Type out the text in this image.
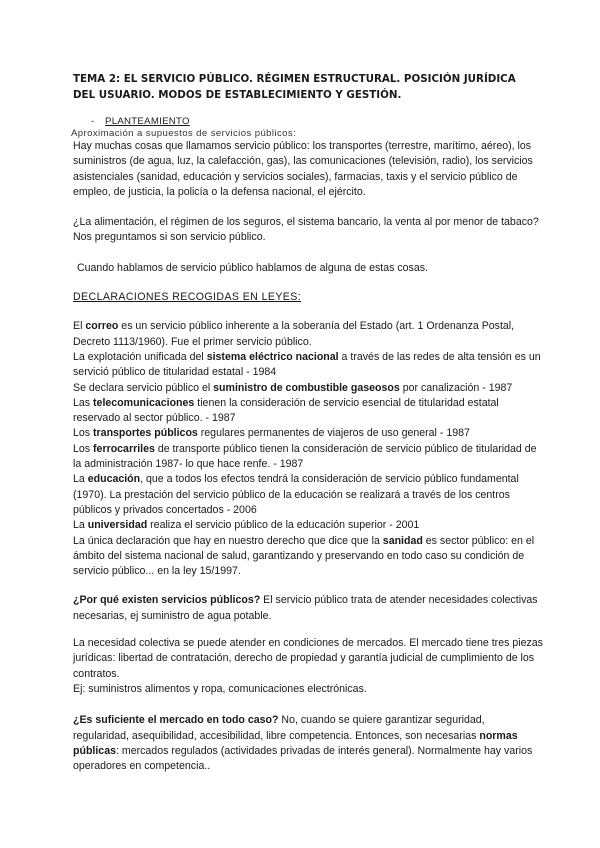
TEMA 2: EL SERVICIO PÚBLICO. RÉGIMEN ESTRUCTURAL. POSICIÓN JURÍDICA
DEL USUARIO. MODOS DE ESTABLECIMIENTO Y GESTIÓN.
- PLANTEAMIENTO
Aproximación a supuestos de servicios públicos:

Hay muchas cosas que llamamos servicio público: los transportes (terrestre, marítimo, aéreo), los suministros (de agua, luz, la calefacción, gas), las comunicaciones (televisión, radio), los servicios asistenciales (sanidad, educación y servicios sociales), farmacias, taxis y el servicio público de empleo, de justicia, la policía o la defensa nacional, el ejército.

¿La alimentación, el régimen de los seguros, el sistema bancario, la venta al por menor de tabaco? Nos preguntamos si son servicio público.

Cuando hablamos de servicio público hablamos de alguna de estas cosas.

DECLARACIONES RECOGIDAS EN LEYES:

El correo es un servicio público inherente a la soberanía del Estado (art. 1 Ordenanza Postal, Decreto 1113/1960). Fue el primer servicio público.

La explotación unificada del sistema eléctrico nacional a través de las redes de alta tensión es un servició público de titularidad estatal - 1984

Se declara servicio público el suministro de combustible gaseosos por canalización - 1987

Las telecomunicaciones tienen la consideración de servicio esencial de titularidad estatal reservado al sector público. - 1987

Los transportes públicos regulares permanentes de viajeros de uso general - 1987

Los ferrocarriles de transporte público tienen la consideración de servicio público de titularidad de la administración 1987- lo que hace renfe. - 1987

La educación, que a todos los efectos tendrá la consideración de servicio público fundamental (1970). La prestación del servicio público de la educación se realizará a través de los centros públicos y privados concertados - 2006

La universidad realiza el servicio público de la educación superior - 2001

La única declaración que hay en nuestro derecho que dice que la sanidad es sector público: en el ámbito del sistema nacional de salud, garantizando y preservando en todo caso su condición de servicio público... en la ley 15/1997.

¿Por qué existen servicios públicos? El servicio público trata de atender necesidades colectivas necesarias, ej suministro de agua potable.

La necesidad colectiva se puede atender en condiciones de mercados. El mercado tiene tres piezas jurídicas: libertad de contratación, derecho de propiedad y garantía judicial de cumplimiento de los contratos.

Ej: suministros alimentos y ropa, comunicaciones electrónicas.

¿Es suficiente el mercado en todo caso? No, cuando se quiere garantizar seguridad, regularidad, asequibilidad, accesibilidad, libre competencia. Entonces, son necesarias normas públicas: mercados regulados (actividades privadas de interés general). Normalmente hay varios operadores en competencia..
